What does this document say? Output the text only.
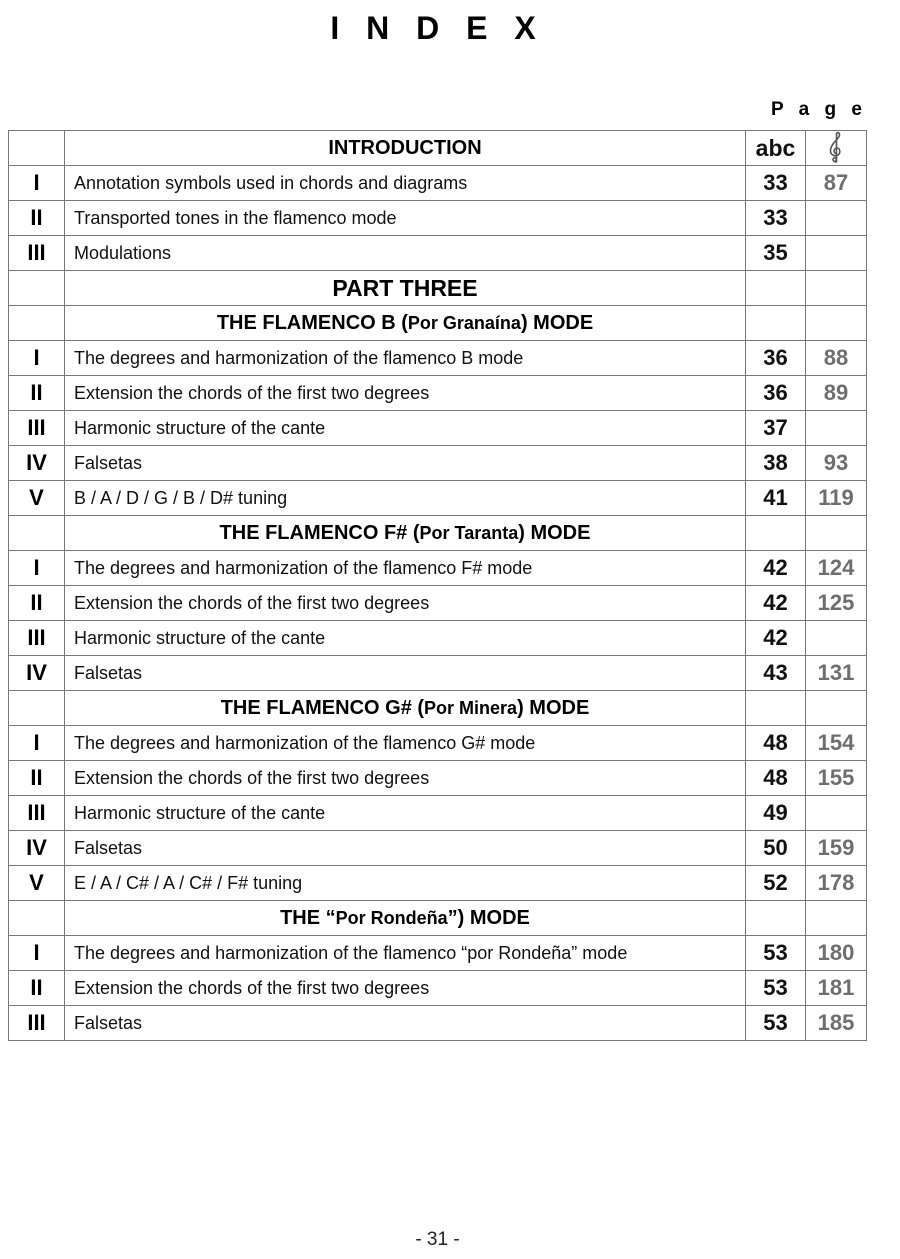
I N D E X
P a g e
	INTRODUCTION	abc	
I	Annotation symbols used in chords and diagrams	33	87
II	Transported tones in the flamenco mode	33	
III	Modulations	35	
	PART THREE		
	THE FLAMENCO B (Por Granaína) MODE		
I	The degrees and harmonization of the flamenco B mode	36	88
II	Extension the chords of the first two degrees	36	89
III	Harmonic structure of the cante	37	
IV	Falsetas	38	93
V	B / A / D / G / B / D# tuning	41	119
	THE FLAMENCO F# (Por Taranta) MODE		
I	The degrees and harmonization of the flamenco F# mode	42	124
II	Extension the chords of the first two degrees	42	125
III	Harmonic structure of the cante	42	
IV	Falsetas	43	131
	THE FLAMENCO G# (Por Minera) MODE		
I	The degrees and harmonization of the flamenco G# mode	48	154
II	Extension the chords of the first two degrees	48	155
III	Harmonic structure of the cante	49	
IV	Falsetas	50	159
V	E / A / C# / A / C# / F# tuning	52	178
	THE “Por Rondeña”) MODE		
I	The degrees and harmonization of the flamenco “por Rondeña” mode	53	180
II	Extension the chords of the first two degrees	53	181
III	Falsetas	53	185
- 31 -
